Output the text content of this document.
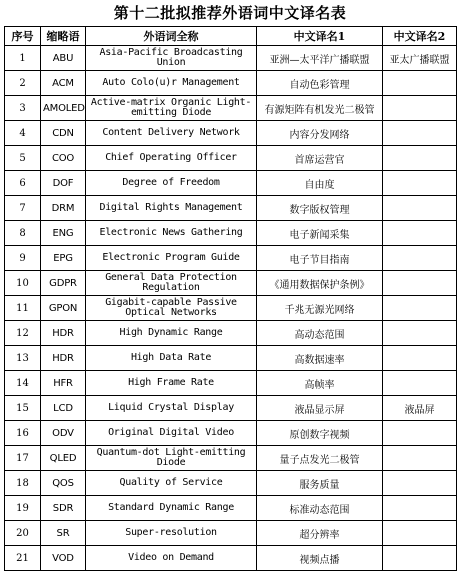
第十二批拟推荐外语词中文译名表
序号	缩略语	外语词全称	中文译名1	中文译名2
1	ABU	Asia-Pacific Broadcasting Union	亚洲—太平洋广播联盟	亚太广播联盟
2	ACM	Auto Colo(u)r Management	自动色彩管理	
3	AMOLED	Active-matrix Organic Light-emitting Diode	有源矩阵有机发光二极管	
4	CDN	Content Delivery Network	内容分发网络	
5	COO	Chief Operating Officer	首席运营官	
6	DOF	Degree of Freedom	自由度	
7	DRM	Digital Rights Management	数字版权管理	
8	ENG	Electronic News Gathering	电子新闻采集	
9	EPG	Electronic Program Guide	电子节目指南	
10	GDPR	General Data Protection Regulation	《通用数据保护条例》	
11	GPON	Gigabit-capable Passive Optical Networks	千兆无源光网络	
12	HDR	High Dynamic Range	高动态范围	
13	HDR	High Data Rate	高数据速率	
14	HFR	High Frame Rate	高帧率	
15	LCD	Liquid Crystal Display	液晶显示屏	液晶屏
16	ODV	Original Digital Video	原创数字视频	
17	QLED	Quantum-dot Light-emitting Diode	量子点发光二极管	
18	QOS	Quality of Service	服务质量	
19	SDR	Standard Dynamic Range	标准动态范围	
20	SR	Super-resolution	超分辨率	
21	VOD	Video on Demand	视频点播	
